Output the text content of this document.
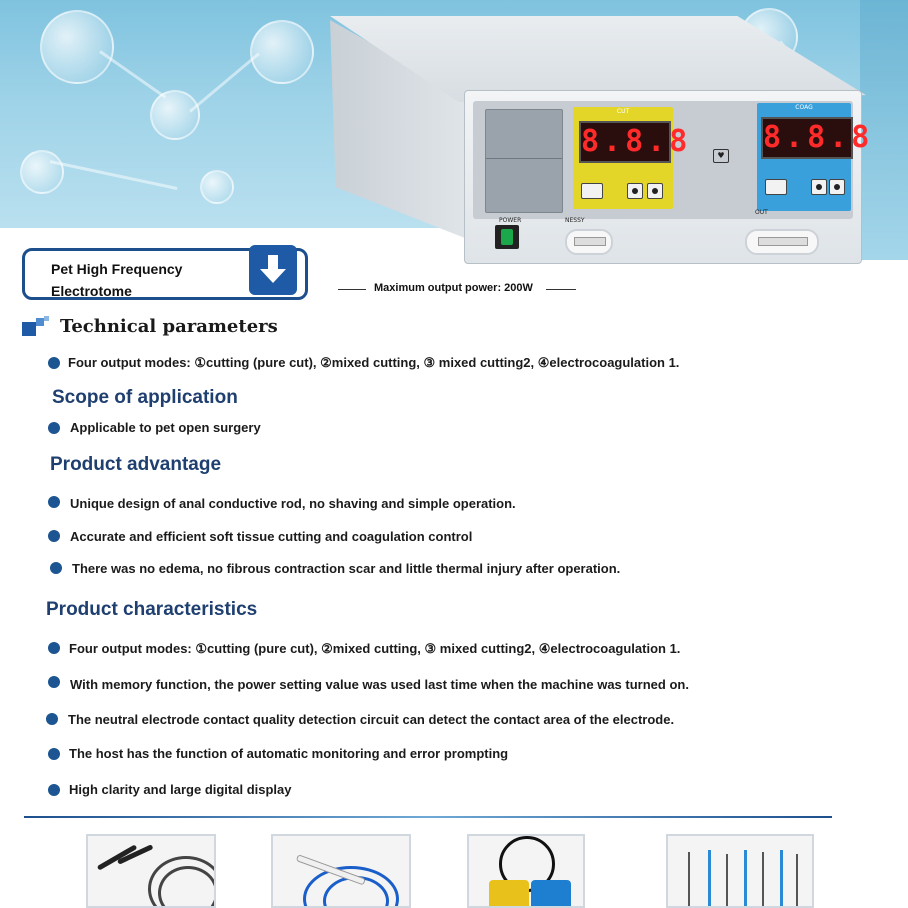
CUT
8.8.8	♥
COAG
8.8.8
POWER	NESSY
OUT
Pet High Frequency
Electrotome	Maximum output power: 200W
Technical parameters
Four output modes: ①cutting (pure cut), ②mixed cutting, ③ mixed cutting2, ④electrocoagulation 1.
Scope of application
Applicable to pet open surgery
Product advantage
Unique design of anal conductive rod, no shaving and simple operation.
Accurate and efficient soft tissue cutting and coagulation control
There was no edema, no fibrous contraction scar and little thermal injury after operation.
Product characteristics
Four output modes: ①cutting (pure cut), ②mixed cutting, ③ mixed cutting2, ④electrocoagulation 1.
With memory function, the power setting value was used last time when the machine was turned on.
The neutral electrode contact quality detection circuit can detect the contact area of the electrode.
The host has the function of automatic monitoring and error prompting
High clarity and large digital display
